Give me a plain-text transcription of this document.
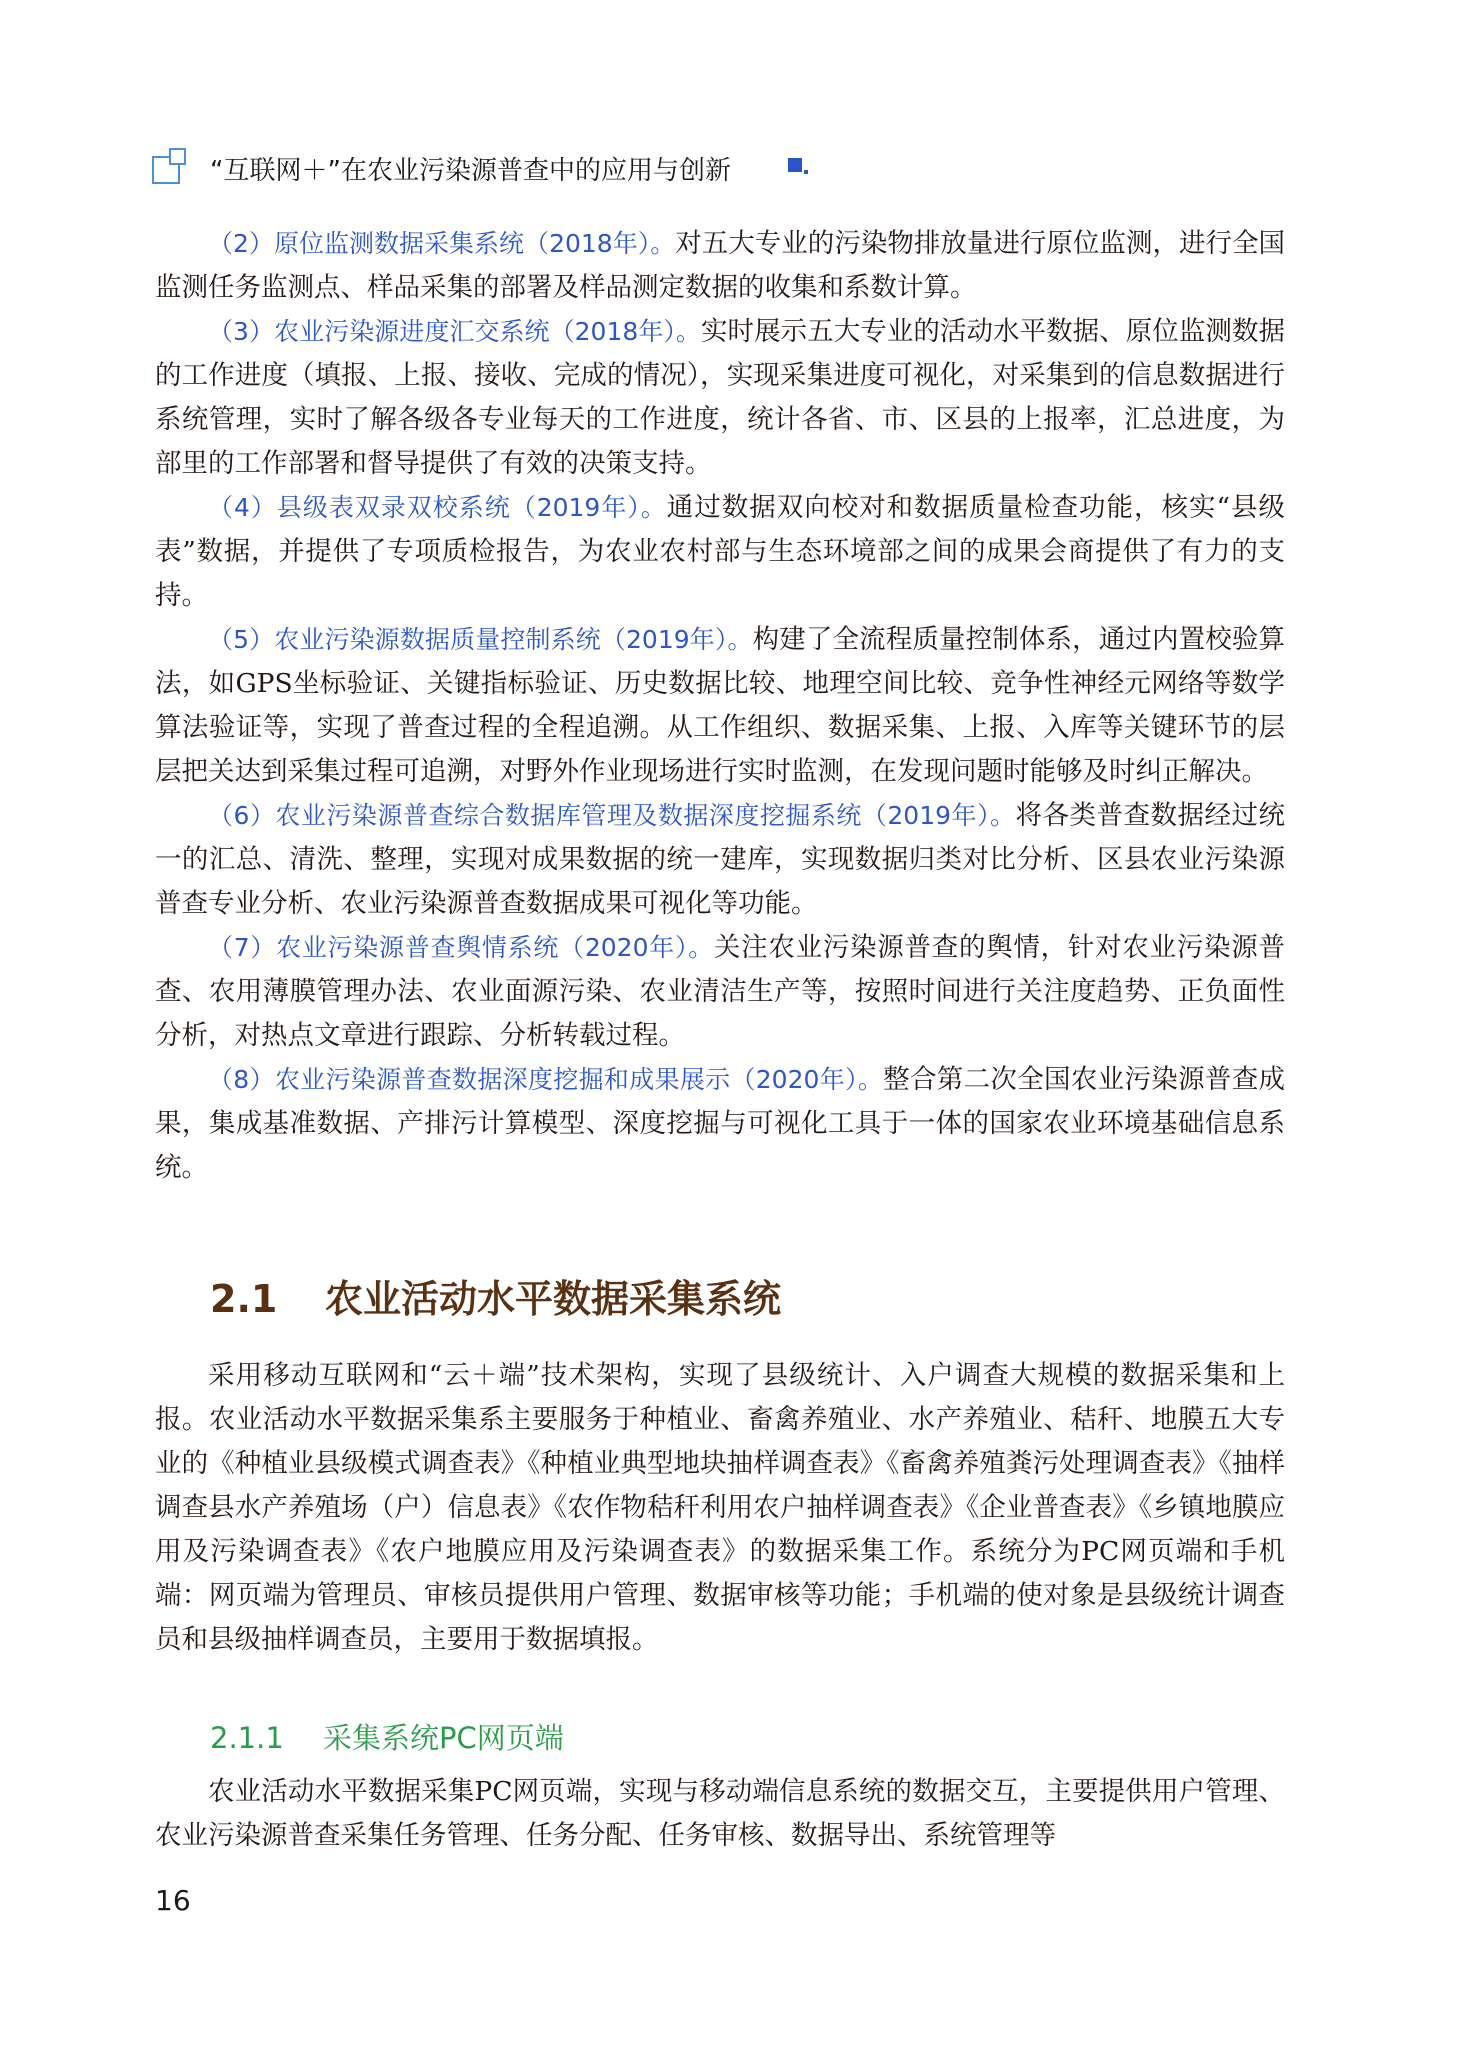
“互联网＋”在农业污染源普查中的应用与创新

（2）原位监测数据采集系统（2018年）。对五大专业的污染物排放量进行原位监测，进行全国监测任务监测点、样品采集的部署及样品测定数据的收集和系数计算。

（3）农业污染源进度汇交系统（2018年）。实时展示五大专业的活动水平数据、原位监测数据的工作进度（填报、上报、接收、完成的情况），实现采集进度可视化，对采集到的信息数据进行系统管理，实时了解各级各专业每天的工作进度，统计各省、市、区县的上报率，汇总进度，为部里的工作部署和督导提供了有效的决策支持。

（4）县级表双录双校系统（2019年）。通过数据双向校对和数据质量检查功能，核实“县级表”数据，并提供了专项质检报告，为农业农村部与生态环境部之间的成果会商提供了有力的支持。

（5）农业污染源数据质量控制系统（2019年）。构建了全流程质量控制体系，通过内置校验算法，如GPS坐标验证、关键指标验证、历史数据比较、地理空间比较、竞争性神经元网络等数学算法验证等，实现了普查过程的全程追溯。从工作组织、数据采集、上报、入库等关键环节的层层把关达到采集过程可追溯，对野外作业现场进行实时监测，在发现问题时能够及时纠正解决。

（6）农业污染源普查综合数据库管理及数据深度挖掘系统（2019年）。将各类普查数据经过统一的汇总、清洗、整理，实现对成果数据的统一建库，实现数据归类对比分析、区县农业污染源普查专业分析、农业污染源普查数据成果可视化等功能。

（7）农业污染源普查舆情系统（2020年）。关注农业污染源普查的舆情，针对农业污染源普查、农用薄膜管理办法、农业面源污染、农业清洁生产等，按照时间进行关注度趋势、正负面性分析，对热点文章进行跟踪、分析转载过程。

（8）农业污染源普查数据深度挖掘和成果展示（2020年）。整合第二次全国农业污染源普查成果，集成基准数据、产排污计算模型、深度挖掘与可视化工具于一体的国家农业环境基础信息系统。

2.1 农业活动水平数据采集系统

采用移动互联网和“云＋端”技术架构，实现了县级统计、入户调查大规模的数据采集和上报。农业活动水平数据采集系主要服务于种植业、畜禽养殖业、水产养殖业、秸秆、地膜五大专业的《种植业县级模式调查表》《种植业典型地块抽样调查表》《畜禽养殖粪污处理调查表》《抽样调查县水产养殖场（户）信息表》《农作物秸秆利用农户抽样调查表》《企业普查表》《乡镇地膜应用及污染调查表》《农户地膜应用及污染调查表》的数据采集工作。系统分为PC网页端和手机端：网页端为管理员、审核员提供用户管理、数据审核等功能；手机端的使对象是县级统计调查员和县级抽样调查员，主要用于数据填报。

2.1.1 采集系统PC网页端

农业活动水平数据采集PC网页端，实现与移动端信息系统的数据交互，主要提供用户管理、农业污染源普查采集任务管理、任务分配、任务审核、数据导出、系统管理等

16
